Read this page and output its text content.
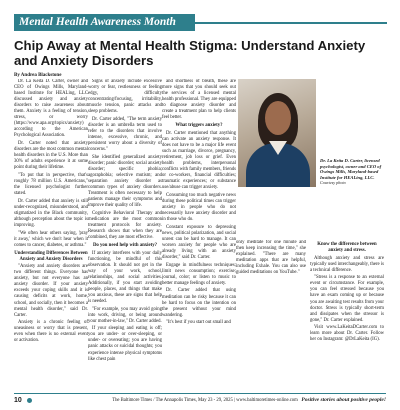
Mental Health Awareness Month
Chip Away at Mental Health Stigma: Understand Anxiety and Anxiety Disorders
By Andrea Blackstone

Dr. La Keita D. Carter, owner and CEO of Owings Mills, Maryland-based Institute for HEALing, LLC discussed anxiety and anxiety disorders to raise awareness about them. Anxiety is a feeling of tension, stress, or worry (https://www.apa.org/topics/anxiety) according to the American Psychological Association.

Dr. Carter noted that anxiety disorders are the most common mental health disorders in the U.S. More than 30% of adults experience it at some point during their lifetime.

"To put that in perspective, that's roughly 78 million U.S. Americans," the licensed psychologist further stated.

Dr. Carter added that anxiety is still under-recognized, misunderstood, and stigmatized in the Black community, although perception about the topic is improving.

"We often hear others saying, 'pray it away,' which we don't hear when it comes to cancer, diabetes, or asthma."

Understanding Differences Between Anxiety and Anxiety Disorders

"Anxiety and anxiety disorders are two different things. Everyone has anxiety, but not everyone has an anxiety disorder. If your anxiety exceeds your coping skills and it is causing deficits at work, home, school, and socially, then it becomes a mental health disorder," said Dr. Carter.

Anxiety is a chronic feeling of uneasiness or worry that is present, even when there is no external event or activation.

Signs of anxiety include excessive worry or fear, restlessness or feeling edgy, difficulty concentrating/focusing, irritability, muscle tension, panic attacks and sleep problems.

Dr. Carter added, "The term anxiety disorder is an umbrella term used to refer to the disorders that involve intense, excessive, chronic, and persistent worry about a diversity of concerns."

She identified generalized anxiety disorder; panic disorder; social anxiety disorder; specific phobia; agoraphobia; selective mutism; and separation anxiety disorder as common types of anxiety disorders. Treatment is often necessary to help patients manage their symptoms and improve their quality of life.

Cognitive Behavioral Therapy and medication are the most common treatment protocols for anxiety. Research shows that when they are combined, they are most effective.

Do you need help with anxiety?

If anxiety interferes with your daily functioning, be mindful of this observation. It should not get in the way of your work, school, relationships, and social activities. Additionally, if you start avoiding people, places, and things that make you anxious, these are signs that help is needed.

"For example, you may avoid going into work, driving, or being around your mother-in-law," Dr. Carter added.

If your sleeping and eating is off; you are under- or over-sleeping, or under- or overeating; you are having panic attacks or suicidal thoughts; you experience intense physical symptoms like chest pain

and shortness of breath, these are more signs that you should seek out the services of a licensed mental health professional. They are equipped to diagnose anxiety disorder and create a treatment plan to help clients feel better.

What triggers anxiety?

Dr. Carter mentioned that anything can activate an anxiety response. It does not have to be a major life event such as marriage, divorce, pregnancy, retirement, job loss or grief. Even health problems, interpersonal conflicts with family members, friends or co-workers, financial difficulties; traumatic experiences; or substance use/abuse can trigger anxiety.

Consuming too much negative news during these political times can trigger anxiety in people who do not necessarily have anxiety disorder and in those who do.

Constant exposure to depressing news, political polarization, and social unrest can be hard to manage. It can worsen anxiety for people who are already living with an anxiety disorder," said Dr. Carter.

Engage in mindfulness techniques; limit news consumption; exercise; journal, color; or listen to music to better manage feelings of anxiety.

Dr. Carter added that using meditation can be risky because it can be hard to focus on the intention on the present without your mind wandering.

"It's best if you start out small and

Dr. La Keita D. Carter, licensed psychologist, owner and CEO of Owings Mills, Maryland-based Institute for HEALing, LLC.
Courtesy photo

only meditate for one minute and then keep increasing the time," she explained. "There are many meditation apps that are helpful, including Exhale. You can also use guided meditations on YouTube."

Know the difference between anxiety and stress.

Although anxiety and stress are typically used interchangeably, there is a technical difference.

"Stress is a response to an external event or circumstance. For example, you can feel stressed because you have an exam coming up or because you are awaiting test results from your doctor. Stress is typically short-term and dissipates when the stressor is gone," Dr. Carter explained.

Visit www.LaKeitaDCarter.com to learn more about Dr. Carter. Follow her on Instagram: @DrLaKeita (IG).

10	The Baltimore Times / The Annapolis Times, May 23 - 29, 2025 | www.baltimoretimes-online.com Positive stories about positive people!
